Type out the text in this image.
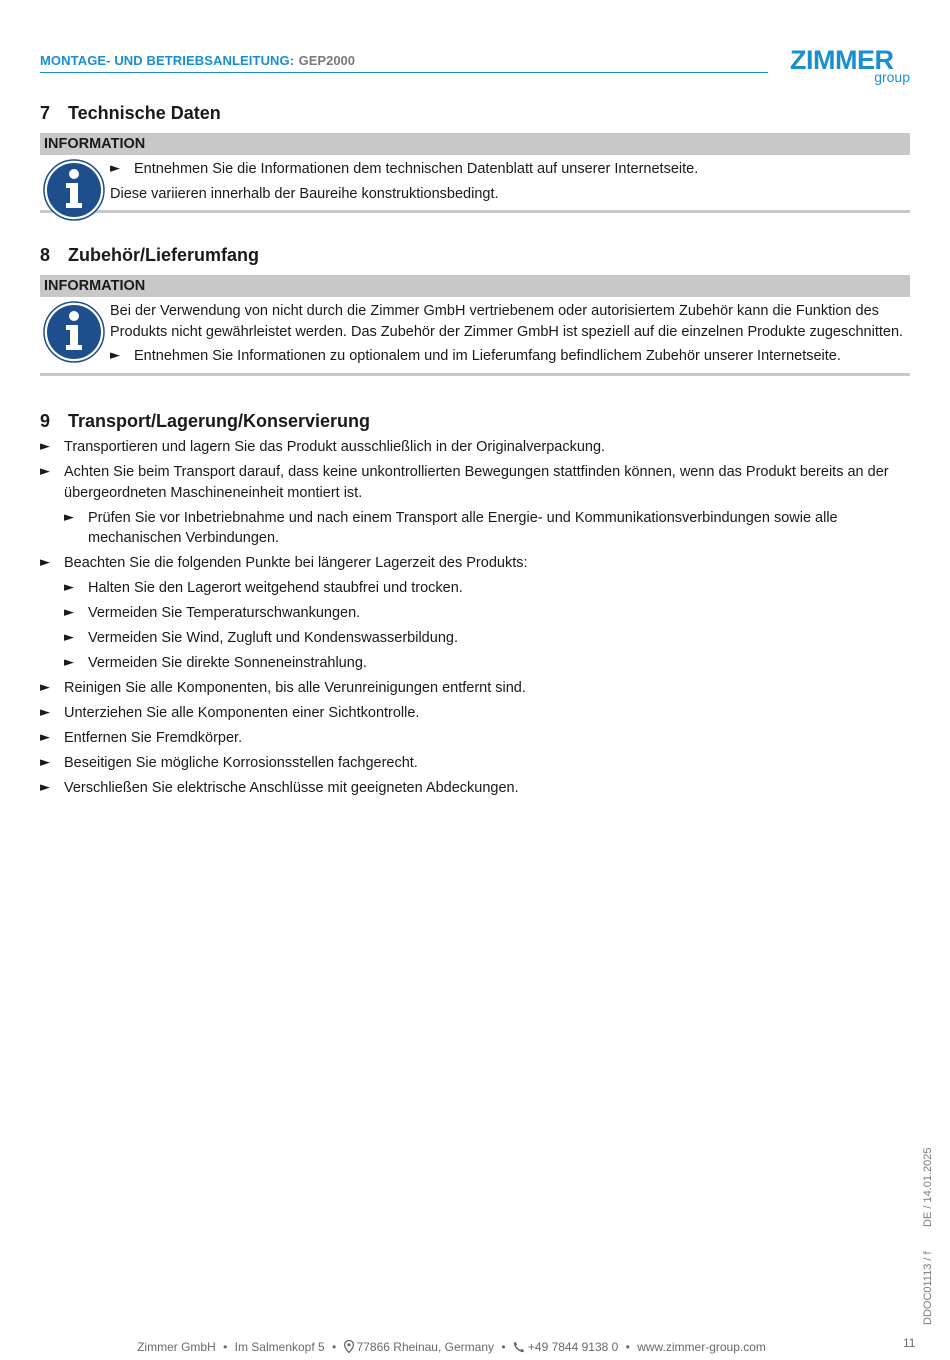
MONTAGE- UND BETRIEBSANLEITUNG: GEP2000	ZIMMER
group
7 Technische Daten
INFORMATION

► Entnehmen Sie die Informationen dem technischen Datenblatt auf unserer Internetseite.

Diese variieren innerhalb der Baureihe konstruktionsbedingt.

8 Zubehör/Lieferumfang
INFORMATION

Bei der Verwendung von nicht durch die Zimmer GmbH vertriebenem oder autorisiertem Zubehör kann die Funktion des Produkts nicht gewährleistet werden. Das Zubehör der Zimmer GmbH ist speziell auf die einzelnen Produkte zugeschnitten.

► Entnehmen Sie Informationen zu optionalem und im Lieferumfang befindlichem Zubehör unserer Internetseite.

9 Transport/Lagerung/Konservierung

► Transportieren und lagern Sie das Produkt ausschließlich in der Originalverpackung.

► Achten Sie beim Transport darauf, dass keine unkontrollierten Bewegungen stattfinden können, wenn das Produkt bereits an der übergeordneten Maschineneinheit montiert ist.

► Prüfen Sie vor Inbetriebnahme und nach einem Transport alle Energie- und Kommunikationsverbindungen sowie alle mechanischen Verbindungen.

► Beachten Sie die folgenden Punkte bei längerer Lagerzeit des Produkts:

► Halten Sie den Lagerort weitgehend staubfrei und trocken.

► Vermeiden Sie Temperaturschwankungen.

► Vermeiden Sie Wind, Zugluft und Kondenswasserbildung.

► Vermeiden Sie direkte Sonneneinstrahlung.

► Reinigen Sie alle Komponenten, bis alle Verunreinigungen entfernt sind.

► Unterziehen Sie alle Komponenten einer Sichtkontrolle.

► Entfernen Sie Fremdkörper.

► Beseitigen Sie mögliche Korrosionsstellen fachgerecht.

► Verschließen Sie elektrische Anschlüsse mit geeigneten Abdeckungen.

DDOC01113 / f        DE / 14.01.2025
Zimmer GmbH • Im Salmenkopf 5 • 77866 Rheinau, Germany • +49 7844 9138 0 • www.zimmer-group.com	11
